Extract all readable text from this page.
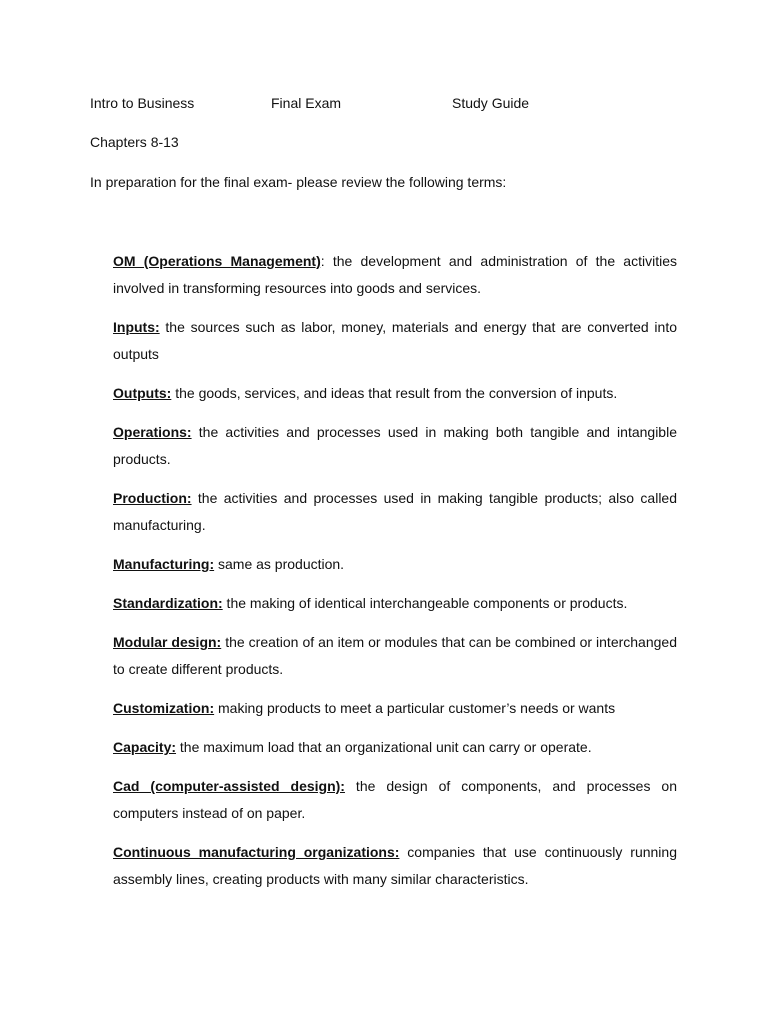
Intro to Business	Final Exam	Study Guide
Chapters 8-13
In preparation for the final exam- please review the following terms:

OM (Operations Management): the development and administration of the activities involved in transforming resources into goods and services.

Inputs: the sources such as labor, money, materials and energy that are converted into outputs

Outputs: the goods, services, and ideas that result from the conversion of inputs.

Operations: the activities and processes used in making both tangible and intangible products.

Production: the activities and processes used in making tangible products; also called manufacturing.

Manufacturing: same as production.

Standardization: the making of identical interchangeable components or products.

Modular design: the creation of an item or modules that can be combined or interchanged to create different products.

Customization: making products to meet a particular customer’s needs or wants

Capacity: the maximum load that an organizational unit can carry or operate.

Cad (computer-assisted design): the design of components, and processes on computers instead of on paper.

Continuous manufacturing organizations: companies that use continuously running assembly lines, creating products with many similar characteristics.
